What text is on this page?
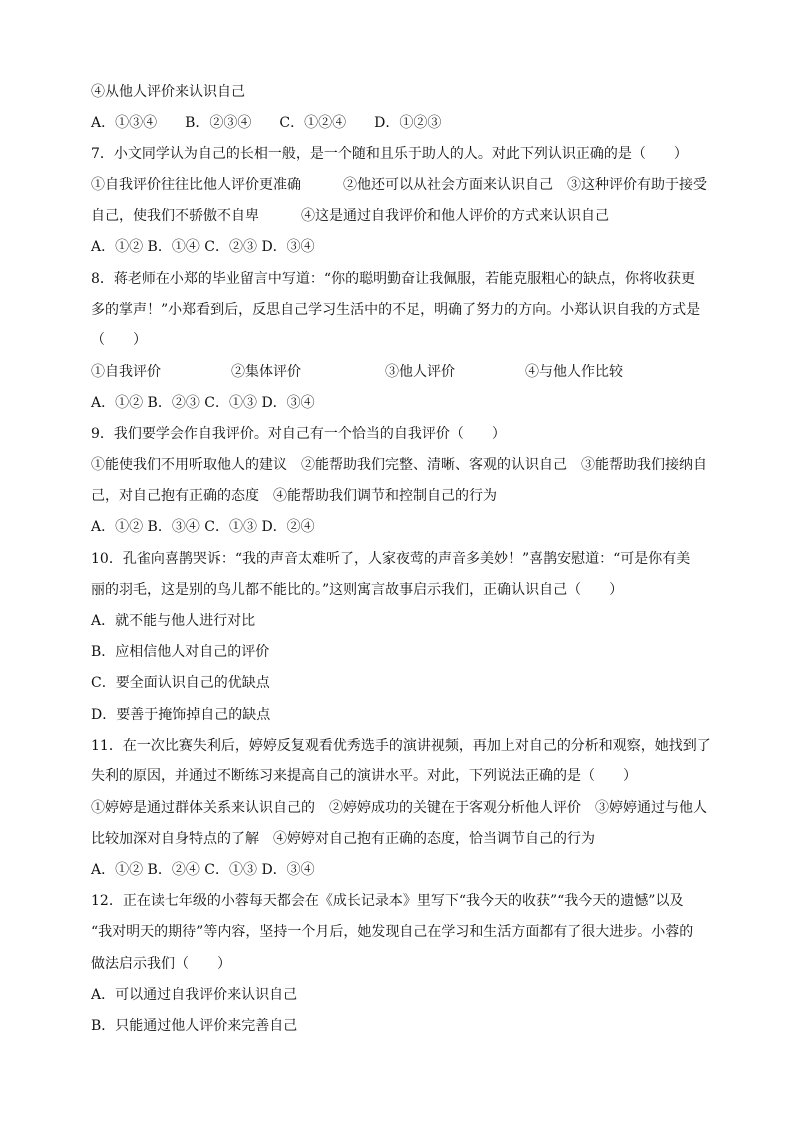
④从他人评价来认识自己
A．①③④　　B．②③④　　C．①②④　　D．①②③
7．小文同学认为自己的长相一般，是一个随和且乐于助人的人。对此下列认识正确的是（　　）
①自我评价往往比他人评价更准确　　　②他还可以从社会方面来认识自己　③这种评价有助于接受
自己，使我们不骄傲不自卑　　　④这是通过自我评价和他人评价的方式来认识自己
A．①② B．①④ C．②③ D．③④
8．蒋老师在小郑的毕业留言中写道：“你的聪明勤奋让我佩服，若能克服粗心的缺点，你将收获更
多的掌声！”小郑看到后，反思自己学习生活中的不足，明确了努力的方向。小郑认识自我的方式是
（　　）
①自我评价　　　　　②集体评价　　　　　　③他人评价　　　　　④与他人作比较
A．①② B．②③ C．①③ D．③④
9．我们要学会作自我评价。对自己有一个恰当的自我评价（　　）
①能使我们不用听取他人的建议　②能帮助我们完整、清晰、客观的认识自己　③能帮助我们接纳自
己，对自己抱有正确的态度　④能帮助我们调节和控制自己的行为
A．①② B．③④ C．①③ D．②④
10．孔雀向喜鹊哭诉：“我的声音太难听了，人家夜莺的声音多美妙！”喜鹊安慰道：“可是你有美
丽的羽毛，这是别的鸟儿都不能比的。”这则寓言故事启示我们，正确认识自己（　　）
A．就不能与他人进行对比
B．应相信他人对自己的评价
C．要全面认识自己的优缺点
D．要善于掩饰掉自己的缺点
11．在一次比赛失利后，婷婷反复观看优秀选手的演讲视频，再加上对自己的分析和观察，她找到了
失利的原因，并通过不断练习来提高自己的演讲水平。对此，下列说法正确的是（　　）
①婷婷是通过群体关系来认识自己的　②婷婷成功的关键在于客观分析他人评价　③婷婷通过与他人
比较加深对自身特点的了解　④婷婷对自己抱有正确的态度，恰当调节自己的行为
A．①② B．②④ C．①③ D．③④
12．正在读七年级的小蓉每天都会在《成长记录本》里写下“我今天的收获”“我今天的遗憾”以及
“我对明天的期待”等内容，坚持一个月后，她发现自己在学习和生活方面都有了很大进步。小蓉的
做法启示我们（　　）
A．可以通过自我评价来认识自己
B．只能通过他人评价来完善自己
